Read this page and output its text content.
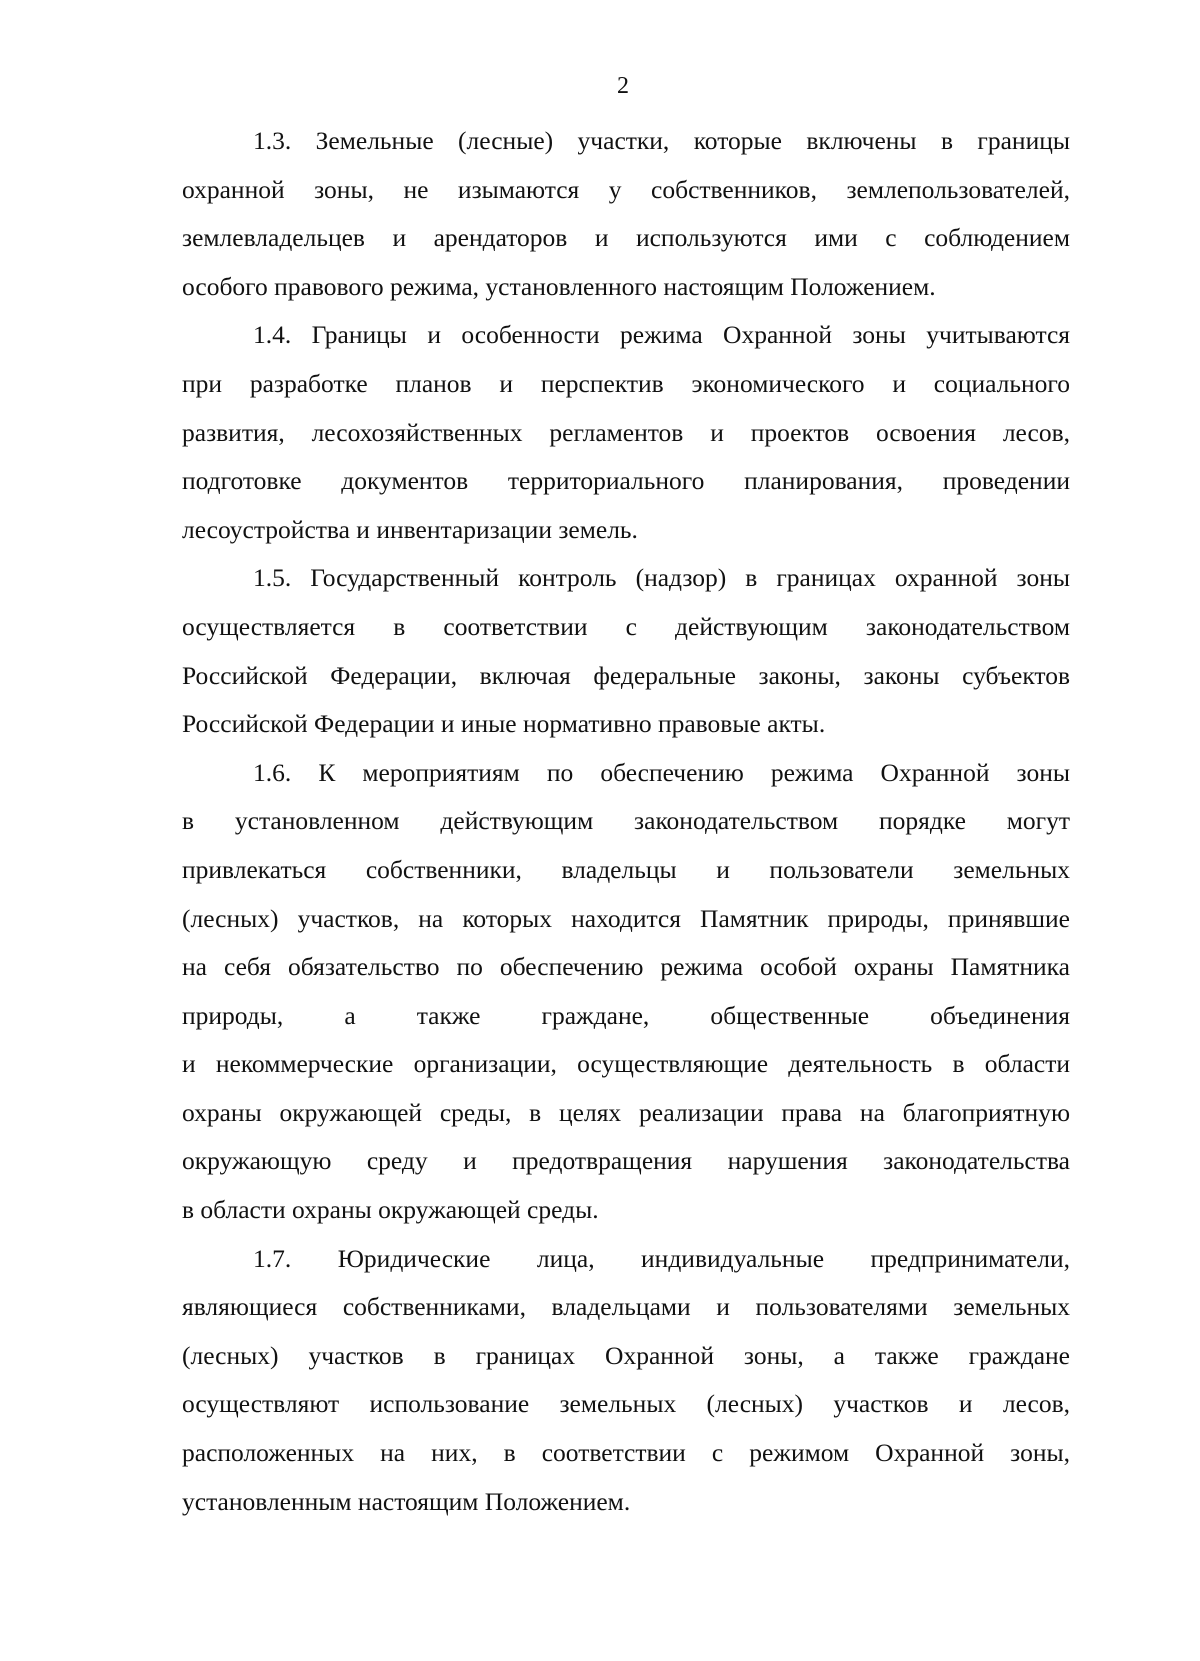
2
1.3. Земельные (лесные) участки, которые включены в границы
охранной зоны, не изымаются у собственников, землепользователей,
землевладельцев и арендаторов и используются ими с соблюдением
особого правового режима, установленного настоящим Положением.
1.4. Границы и особенности режима Охранной зоны учитываются
при разработке планов и перспектив экономического и социального
развития, лесохозяйственных регламентов и проектов освоения лесов,
подготовке документов территориального планирования, проведении
лесоустройства и инвентаризации земель.
1.5. Государственный контроль (надзор) в границах охранной зоны
осуществляется в соответствии с действующим законодательством
Российской Федерации, включая федеральные законы, законы субъектов
Российской Федерации и иные нормативно правовые акты.
1.6. К мероприятиям по обеспечению режима Охранной зоны
в установленном действующим законодательством порядке могут
привлекаться собственники, владельцы и пользователи земельных
(лесных) участков, на которых находится Памятник природы, принявшие
на себя обязательство по обеспечению режима особой охраны Памятника
природы, а также граждане, общественные объединения
и некоммерческие организации, осуществляющие деятельность в области
охраны окружающей среды, в целях реализации права на благоприятную
окружающую среду и предотвращения нарушения законодательства
в области охраны окружающей среды.
1.7. Юридические лица, индивидуальные предприниматели,
являющиеся собственниками, владельцами и пользователями земельных
(лесных) участков в границах Охранной зоны, а также граждане
осуществляют использование земельных (лесных) участков и лесов,
расположенных на них, в соответствии с режимом Охранной зоны,
установленным настоящим Положением.
